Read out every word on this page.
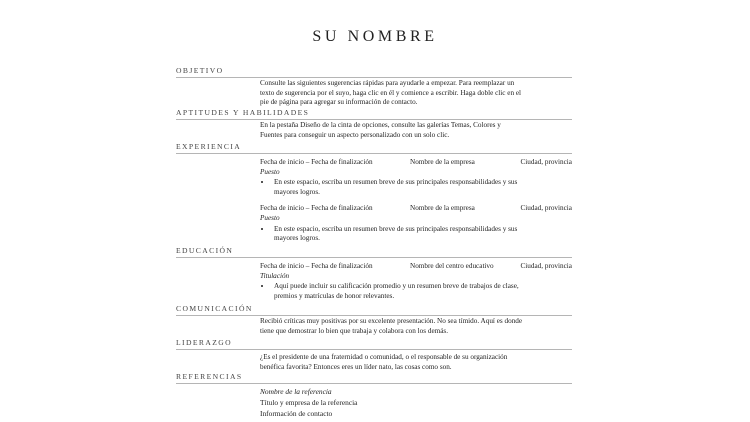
SU NOMBRE
OBJETIVO

Consulte las siguientes sugerencias rápidas para ayudarle a empezar. Para reemplazar un

texto de sugerencia por el suyo, haga clic en él y comience a escribir. Haga doble clic en el

pie de página para agregar su información de contacto.

APTITUDES Y HABILIDADES

En la pestaña Diseño de la cinta de opciones, consulte las galerías Temas, Colores y

Fuentes para conseguir un aspecto personalizado con un solo clic.

EXPERIENCIA
Fecha de inicio – Fecha de finalización	Nombre de la empresa	Ciudad, provincia
Puesto
• En este espacio, escriba un resumen breve de sus principales responsabilidades y sus
mayores logros.
Fecha de inicio – Fecha de finalización	Nombre de la empresa	Ciudad, provincia
Puesto
• En este espacio, escriba un resumen breve de sus principales responsabilidades y sus
mayores logros.
EDUCACIÓN
Fecha de inicio – Fecha de finalización	Nombre del centro educativo	Ciudad, provincia
Titulación
• Aquí puede incluir su calificación promedio y un resumen breve de trabajos de clase,
premios y matrículas de honor relevantes.
COMUNICACIÓN

Recibió críticas muy positivas por su excelente presentación. No sea tímido. Aquí es donde

tiene que demostrar lo bien que trabaja y colabora con los demás.

LIDERAZGO

¿Es el presidente de una fraternidad o comunidad, o el responsable de su organización

benéfica favorita? Entonces eres un líder nato, las cosas como son.

REFERENCIAS
Nombre de la referencia
Título y empresa de la referencia
Información de contacto
